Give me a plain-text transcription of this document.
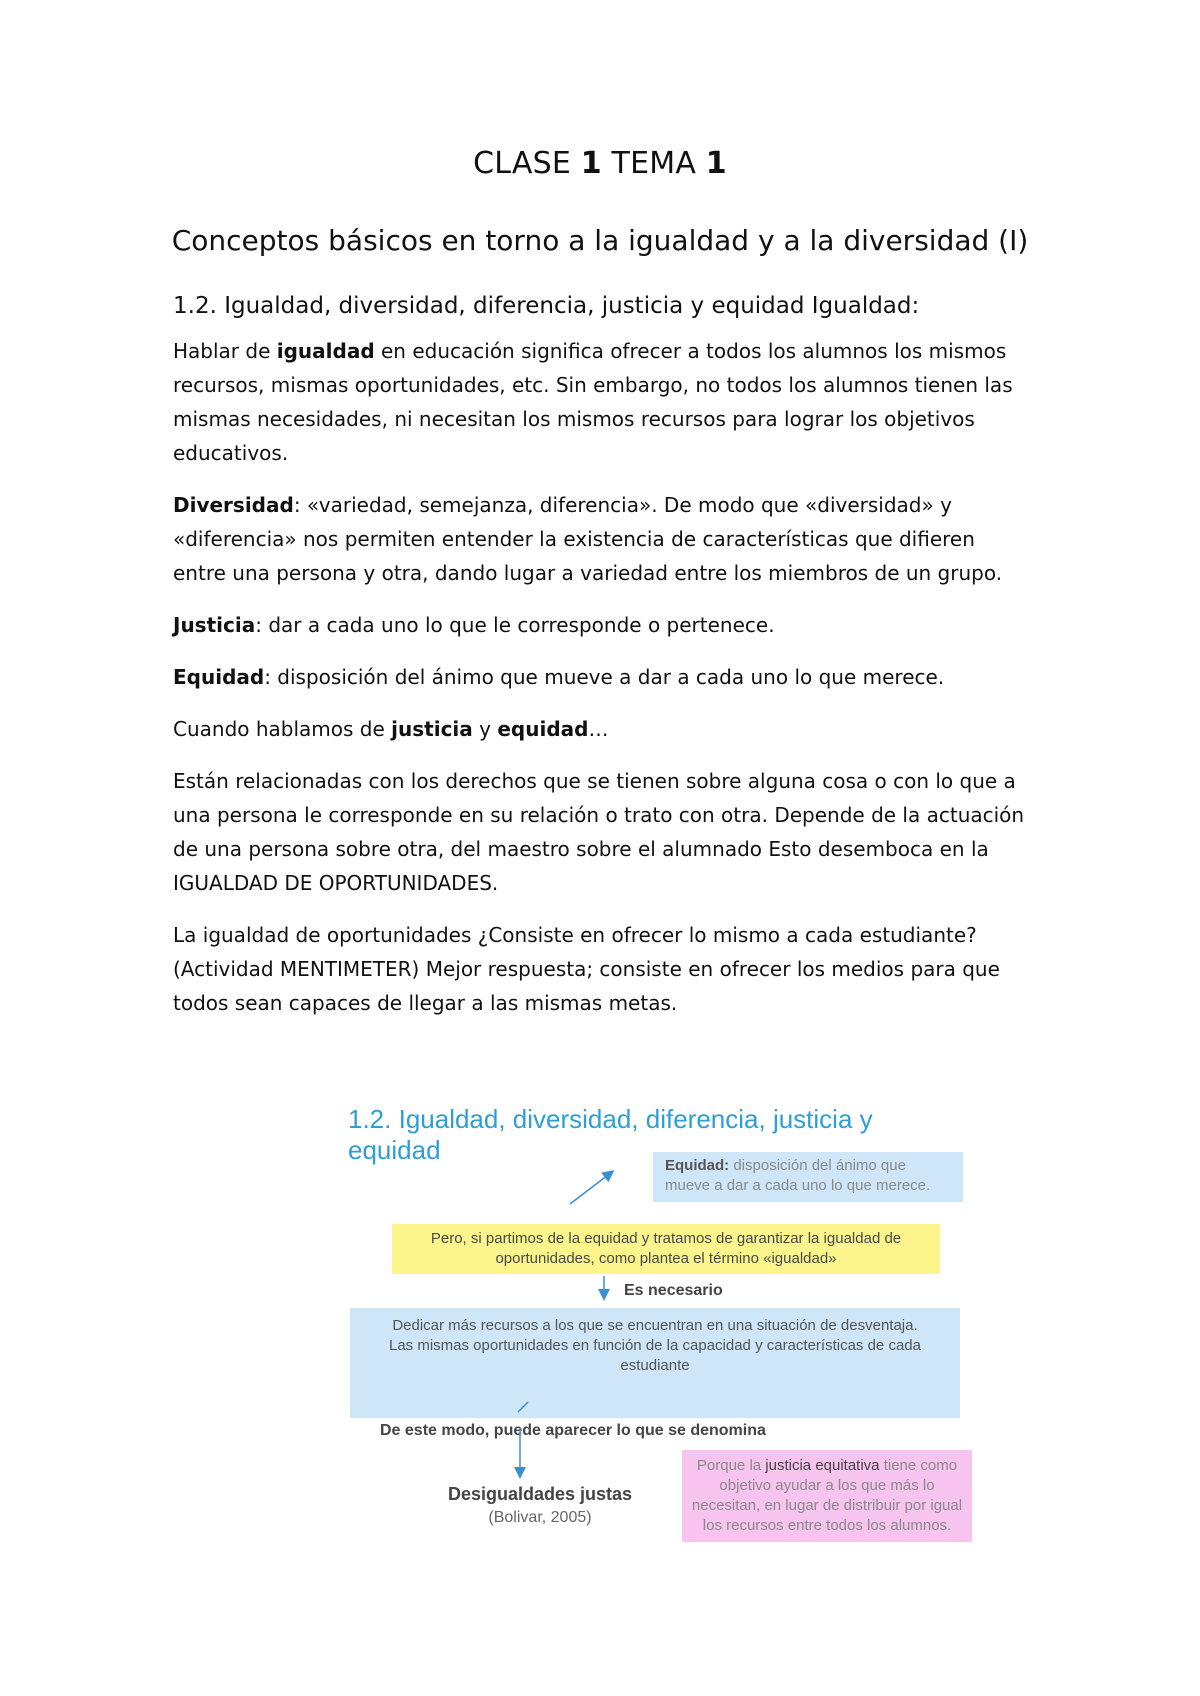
CLASE 1 TEMA 1
Conceptos básicos en torno a la igualdad y a la diversidad (I)
1.2. Igualdad, diversidad, diferencia, justicia y equidad Igualdad:

Hablar de igualdad en educación significa ofrecer a todos los alumnos los mismos recursos, mismas oportunidades, etc. Sin embargo, no todos los alumnos tienen las mismas necesidades, ni necesitan los mismos recursos para lograr los objetivos educativos.

Diversidad: «variedad, semejanza, diferencia». De modo que «diversidad» y «diferencia» nos permiten entender la existencia de características que difieren entre una persona y otra, dando lugar a variedad entre los miembros de un grupo.

Justicia: dar a cada uno lo que le corresponde o pertenece.

Equidad: disposición del ánimo que mueve a dar a cada uno lo que merece.

Cuando hablamos de justicia y equidad…

Están relacionadas con los derechos que se tienen sobre alguna cosa o con lo que a una persona le corresponde en su relación o trato con otra. Depende de la actuación de una persona sobre otra, del maestro sobre el alumnado Esto desemboca en la IGUALDAD DE OPORTUNIDADES.

La igualdad de oportunidades ¿Consiste en ofrecer lo mismo a cada estudiante? (Actividad MENTIMETER) Mejor respuesta; consiste en ofrecer los medios para que todos sean capaces de llegar a las mismas metas.

1.2. Igualdad, diversidad, diferencia, justicia y equidad
Equidad: disposición del ánimo que mueve a dar a cada uno lo que merece.
Pero, si partimos de la equidad y tratamos de garantizar la igualdad de oportunidades, como plantea el término «igualdad»
Es necesario
Dedicar más recursos a los que se encuentran en una situación de desventaja.
Las mismas oportunidades en función de la capacidad y características de cada estudiante
De este modo, puede aparecer lo que se denomina
Porque la justicia equitativa tiene como objetivo ayudar a los que más lo necesitan, en lugar de distribuir por igual los recursos entre todos los alumnos.
Desigualdades justas
(Bolivar, 2005)
